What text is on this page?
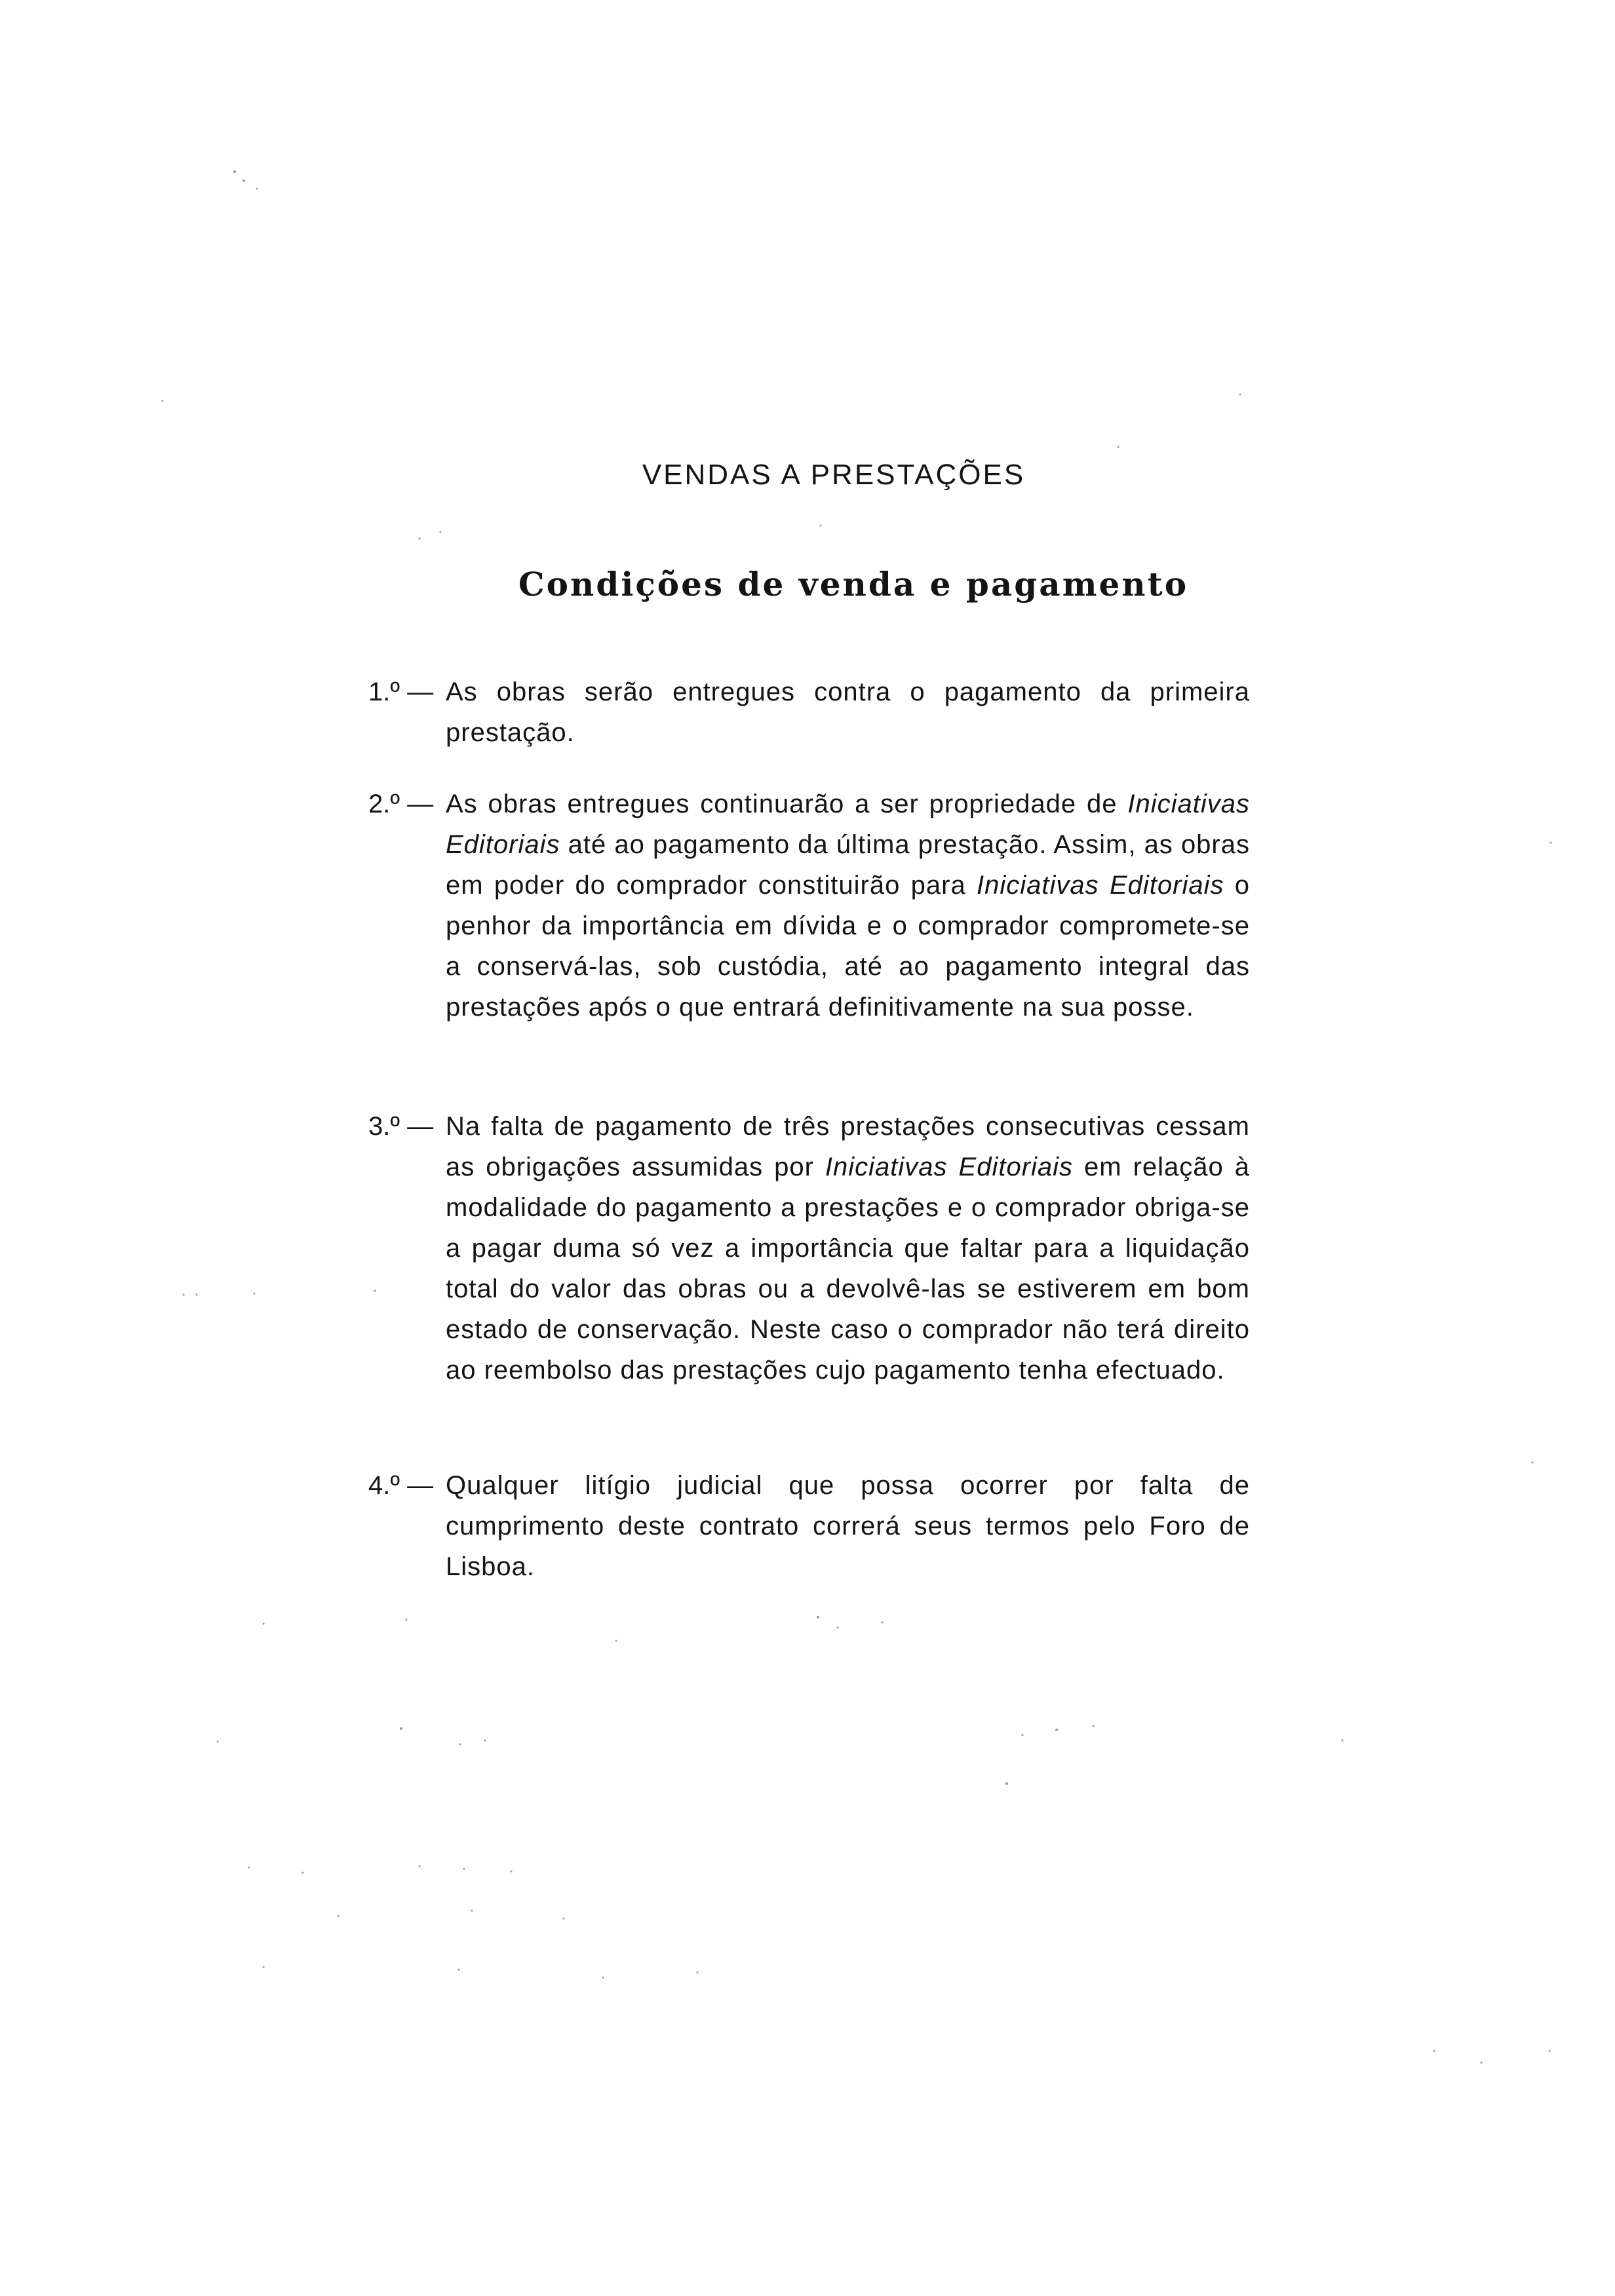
VENDAS A PRESTAÇÕES
Condições de venda e pagamento
1.º — As obras serão entregues contra o pagamento da primeira prestação.
2.º — As obras entregues continuarão a ser propriedade de Iniciativas Editoriais até ao pagamento da última prestação. Assim, as obras em poder do comprador constituirão para Iniciativas Editoriais o penhor da importância em dívida e o comprador compromete-se a conservá-las, sob custódia, até ao pagamento integral das prestações após o que entrará definitivamente na sua posse.
3.º — Na falta de pagamento de três prestações consecutivas cessam as obrigações assumidas por Iniciativas Editoriais em relação à modalidade do pagamento a prestações e o comprador obriga-se a pagar duma só vez a importância que faltar para a liquidação total do valor das obras ou a devolvê-las se estiverem em bom estado de conservação. Neste caso o comprador não terá direito ao reembolso das prestações cujo pagamento tenha efectuado.
4.º — Qualquer litígio judicial que possa ocorrer por falta de cumprimento deste contrato correrá seus termos pelo Foro de Lisboa.
